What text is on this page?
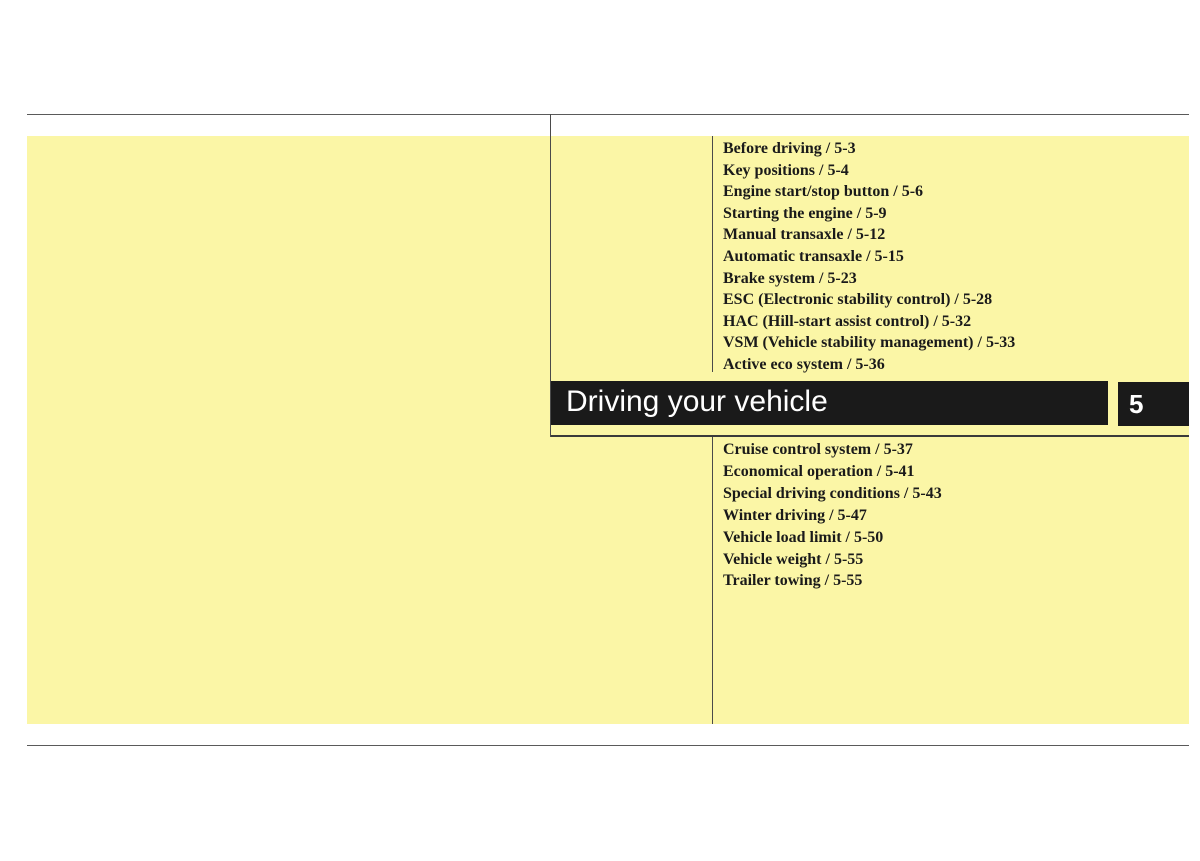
Before driving / 5-3
Key positions / 5-4
Engine start/stop button / 5-6
Starting the engine / 5-9
Manual transaxle / 5-12
Automatic transaxle / 5-15
Brake system / 5-23
ESC (Electronic stability control) / 5-28
HAC (Hill-start assist control) / 5-32
VSM (Vehicle stability management) / 5-33
Active eco system / 5-36
Driving your vehicle	5
Cruise control system / 5-37
Economical operation / 5-41
Special driving conditions / 5-43
Winter driving / 5-47
Vehicle load limit / 5-50
Vehicle weight / 5-55
Trailer towing / 5-55
